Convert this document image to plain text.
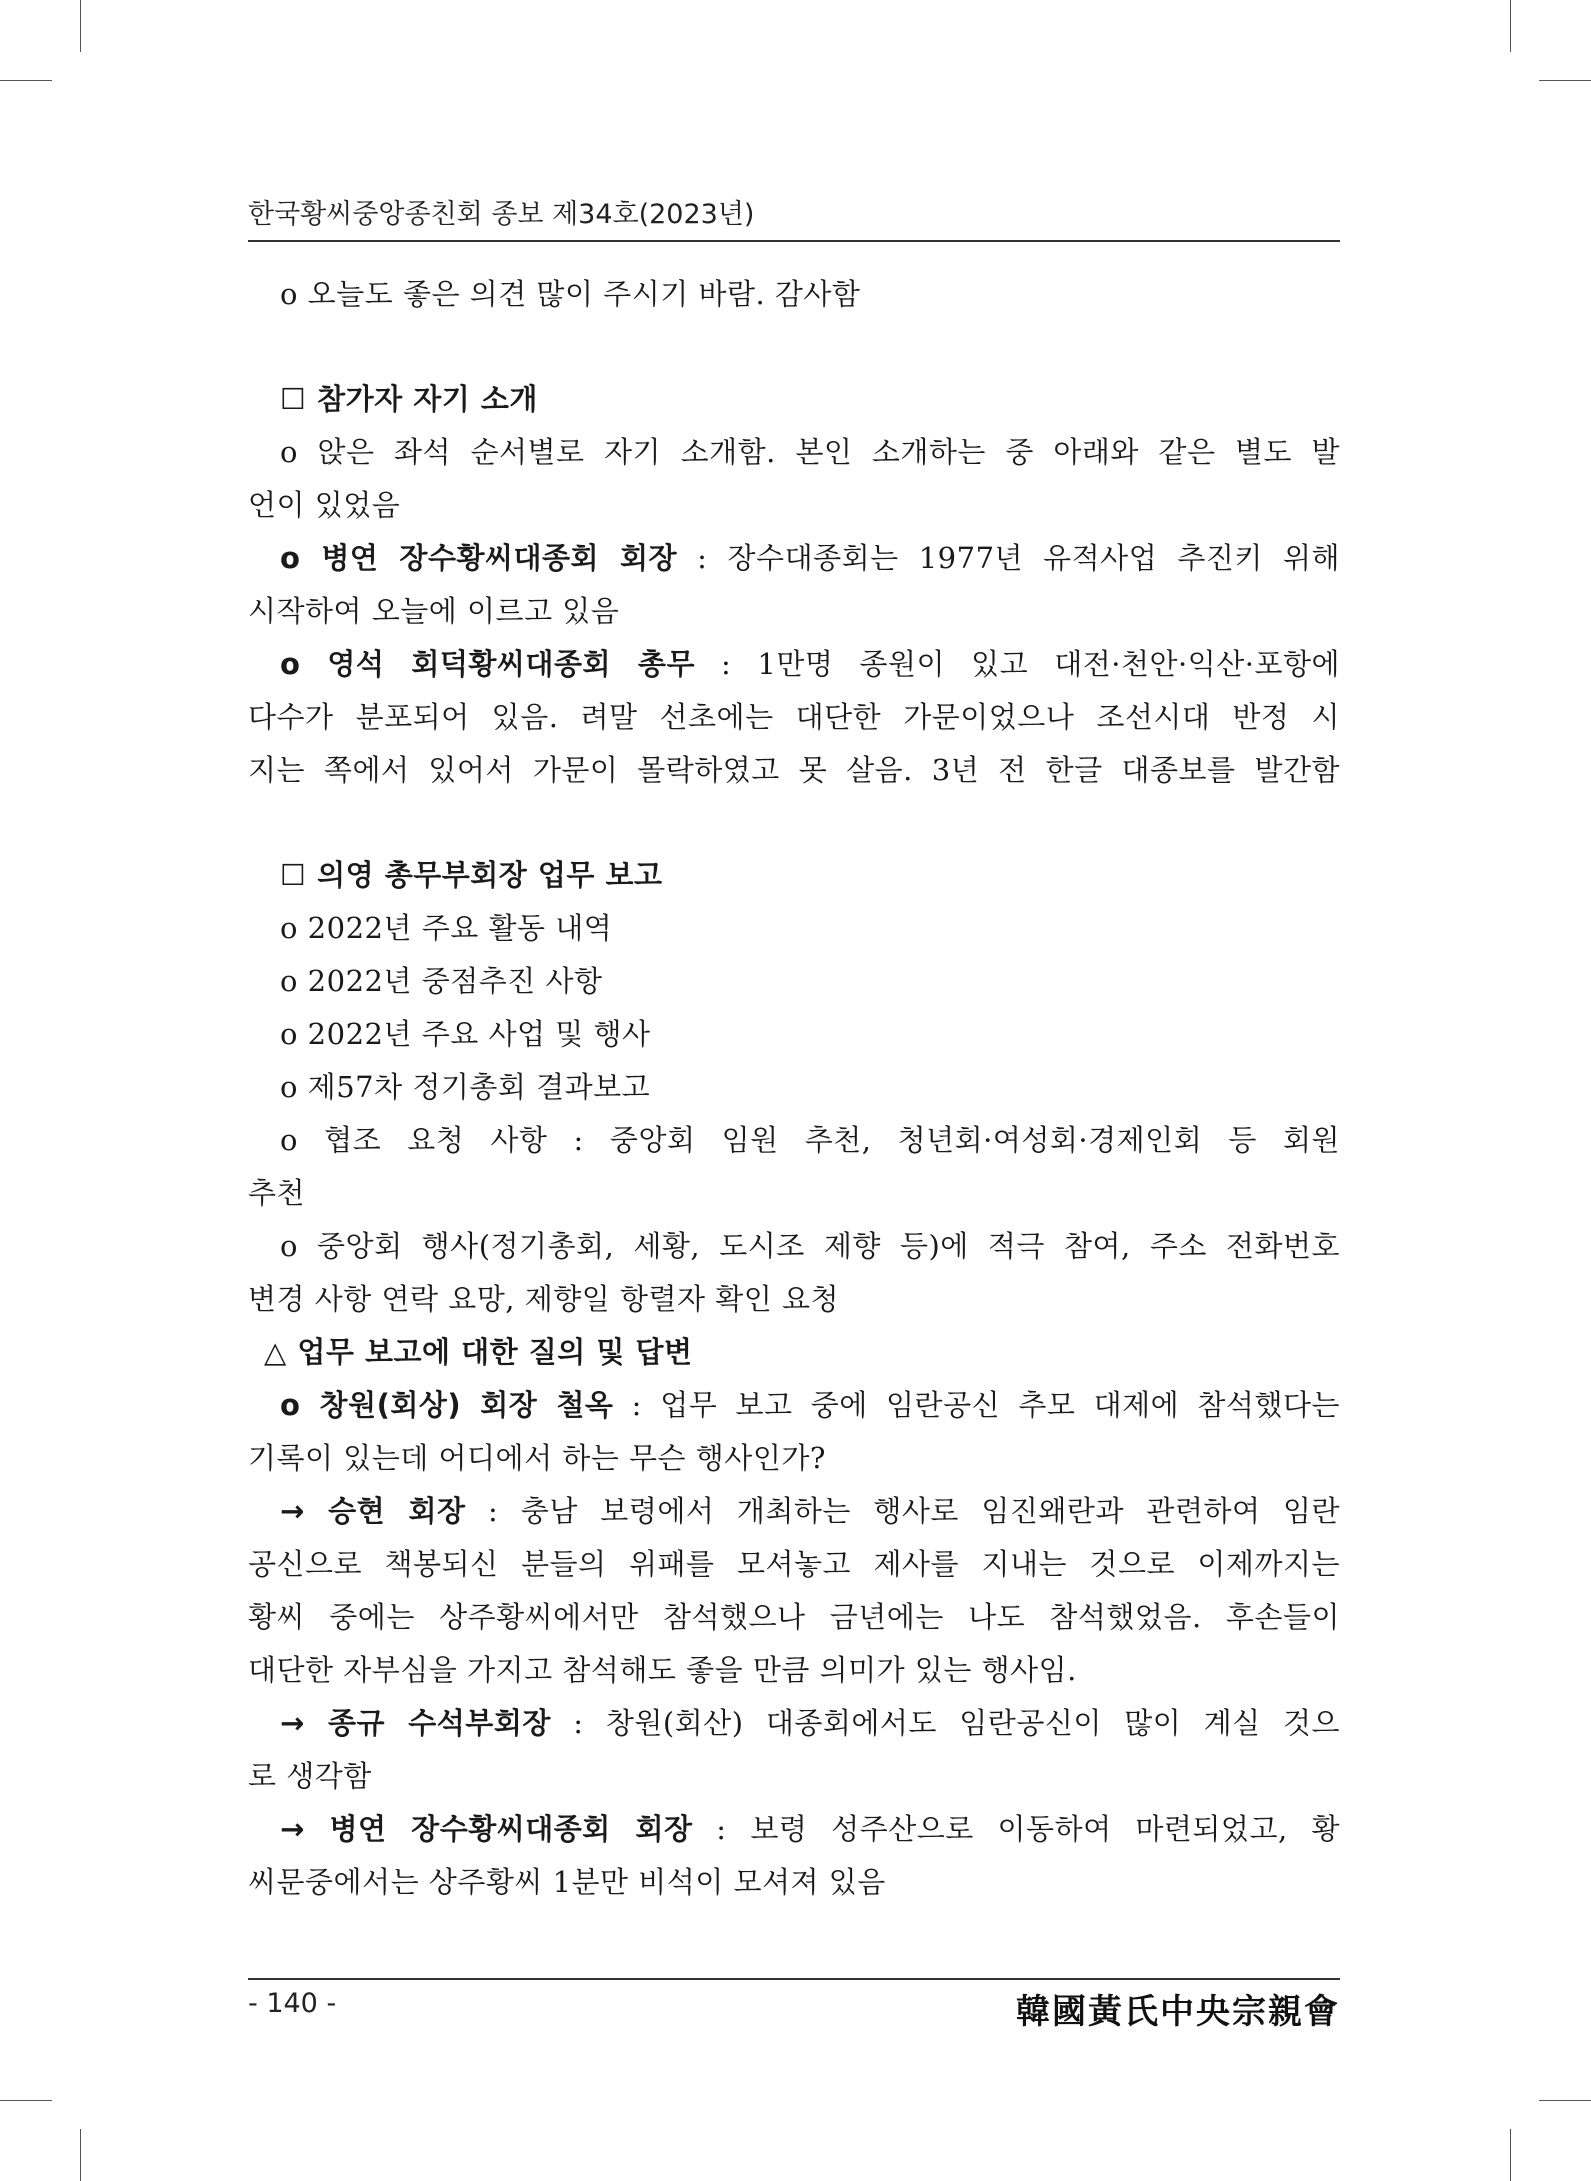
한국황씨중앙종친회 종보 제34호(2023년)
o 오늘도 좋은 의견 많이 주시기 바람. 감사함
☐ 참가자 자기 소개
o 앉은 좌석 순서별로 자기 소개함. 본인 소개하는 중 아래와 같은 별도 발
언이 있었음
o 병연 장수황씨대종회 회장 : 장수대종회는 1977년 유적사업 추진키 위해
시작하여 오늘에 이르고 있음
o 영석 회덕황씨대종회 총무 : 1만명 종원이 있고 대전·천안·익산·포항에
다수가 분포되어 있음. 려말 선초에는 대단한 가문이었으나 조선시대 반정 시
지는 쪽에서 있어서 가문이 몰락하였고 못 살음. 3년 전 한글 대종보를 발간함
☐ 의영 총무부회장 업무 보고
o 2022년 주요 활동 내역
o 2022년 중점추진 사항
o 2022년 주요 사업 및 행사
o 제57차 정기총회 결과보고
o 협조 요청 사항 : 중앙회 임원 추천, 청년회·여성회·경제인회 등 회원
추천
o 중앙회 행사(정기총회, 세황, 도시조 제향 등)에 적극 참여, 주소 전화번호
변경 사항 연락 요망, 제향일 항렬자 확인 요청
△ 업무 보고에 대한 질의 및 답변
o 창원(회상) 회장 철옥 : 업무 보고 중에 임란공신 추모 대제에 참석했다는
기록이 있는데 어디에서 하는 무슨 행사인가?
→ 승현 회장 : 충남 보령에서 개최하는 행사로 임진왜란과 관련하여 임란
공신으로 책봉되신 분들의 위패를 모셔놓고 제사를 지내는 것으로 이제까지는
황씨 중에는 상주황씨에서만 참석했으나 금년에는 나도 참석했었음. 후손들이
대단한 자부심을 가지고 참석해도 좋을 만큼 의미가 있는 행사임.
→ 종규 수석부회장 : 창원(회산) 대종회에서도 임란공신이 많이 계실 것으
로 생각함
→ 병연 장수황씨대종회 회장 : 보령 성주산으로 이동하여 마련되었고, 황
씨문중에서는 상주황씨 1분만 비석이 모셔져 있음
- 140 -	韓國黃氏中央宗親會
